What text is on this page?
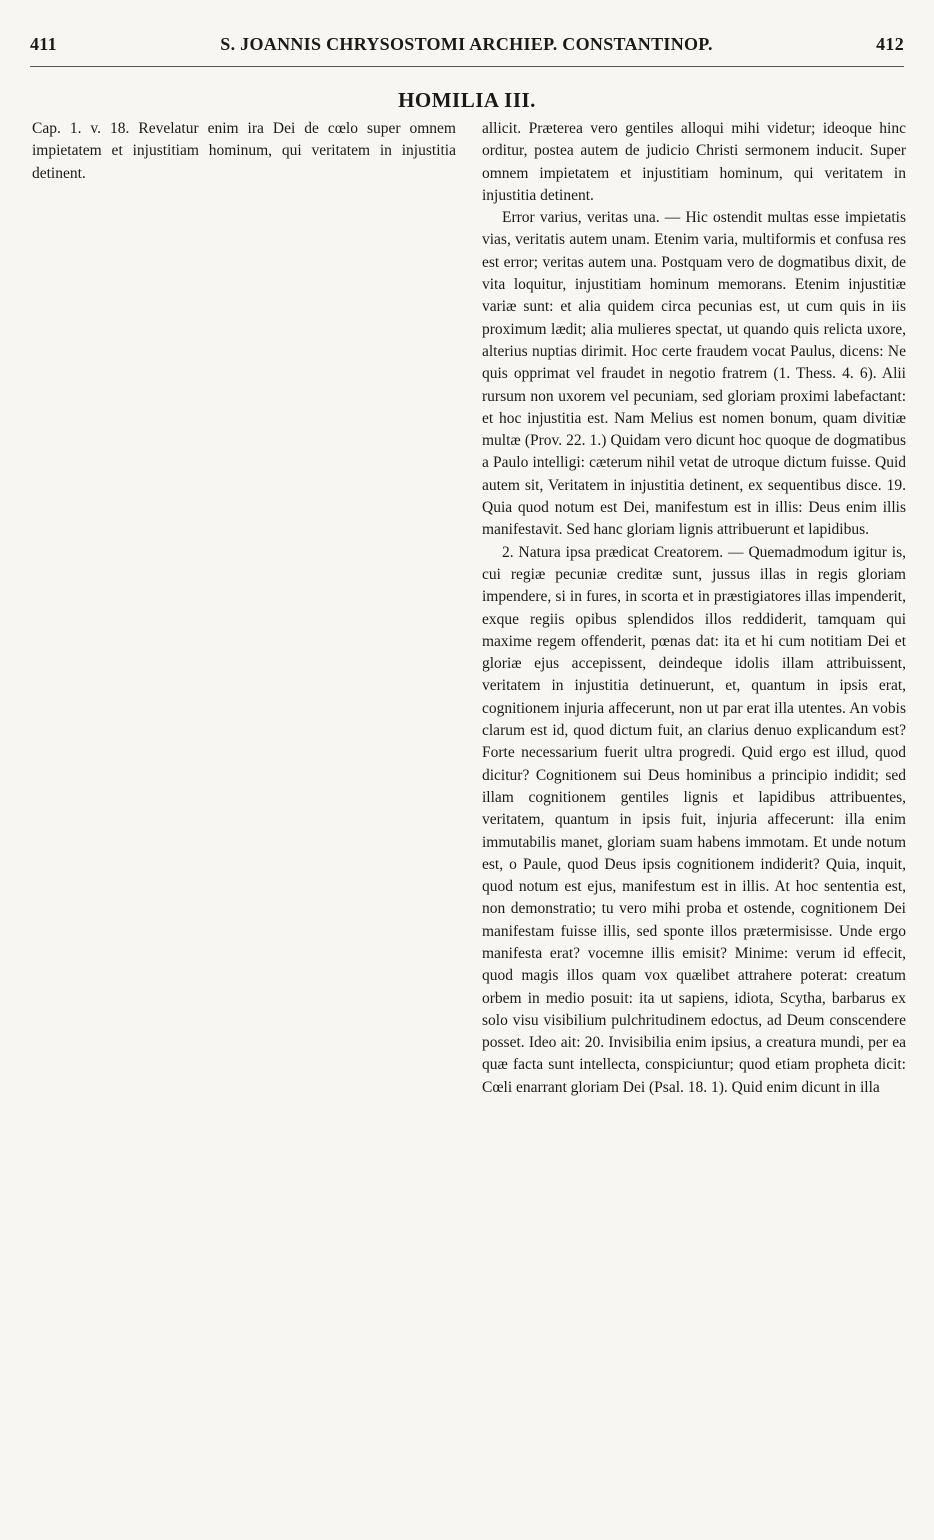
411	S. JOANNIS CHRYSOSTOMI ARCHIEP. CONSTANTINOP.	412
HOMILIA III.

Cap. 1. v. 18. Revelatur enim ira Dei de cœlo super omnem impietatem et injustitiam hominum, qui veritatem in injustitia detinent.

allicit. Præterea vero gentiles alloqui mihi videtur; ideoque hinc orditur, postea autem de judicio Christi sermonem inducit. Super omnem impietatem et injustitiam hominum, qui veritatem in injustitia detinent.

Error varius, veritas una. — Hic ostendit multas esse impietatis vias, veritatis autem unam. Etenim varia, multiformis et confusa res est error; veritas autem una. Postquam vero de dogmatibus dixit, de vita loquitur, injustitiam hominum memorans. Etenim injustitiæ variæ sunt: et alia quidem circa pecunias est, ut cum quis in iis proximum lædit; alia mulieres spectat, ut quando quis relicta uxore, alterius nuptias dirimit. Hoc certe fraudem vocat Paulus, dicens: Ne quis opprimat vel fraudet in negotio fratrem (1. Thess. 4. 6). Alii rursum non uxorem vel pecuniam, sed gloriam proximi labefactant: et hoc injustitia est. Nam Melius est nomen bonum, quam divitiæ multæ (Prov. 22. 1.) Quidam vero dicunt hoc quoque de dogmatibus a Paulo intelligi: cæterum nihil vetat de utroque dictum fuisse. Quid autem sit, Veritatem in injustitia detinent, ex sequentibus disce. 19. Quia quod notum est Dei, manifestum est in illis: Deus enim illis manifestavit. Sed hanc gloriam lignis attribuerunt et lapidibus.

2. Natura ipsa prædicat Creatorem. — Quemadmodum igitur is, cui regiæ pecuniæ creditæ sunt, jussus illas in regis gloriam impendere, si in fures, in scorta et in præstigiatores illas impenderit, exque regiis opibus splendidos illos reddiderit, tamquam qui maxime regem offenderit, pœnas dat: ita et hi cum notitiam Dei et gloriæ ejus accepissent, deindeque idolis illam attribuissent, veritatem in injustitia detinuerunt, et, quantum in ipsis erat, cognitionem injuria affecerunt, non ut par erat illa utentes. An vobis clarum est id, quod dictum fuit, an clarius denuo explicandum est? Forte necessarium fuerit ultra progredi. Quid ergo est illud, quod dicitur? Cognitionem sui Deus hominibus a principio indidit; sed illam cognitionem gentiles lignis et lapidibus attribuentes, veritatem, quantum in ipsis fuit, injuria affecerunt: illa enim immutabilis manet, gloriam suam habens immotam. Et unde notum est, o Paule, quod Deus ipsis cognitionem indiderit? Quia, inquit, quod notum est ejus, manifestum est in illis. At hoc sententia est, non demonstratio; tu vero mihi proba et ostende, cognitionem Dei manifestam fuisse illis, sed sponte illos prætermisisse. Unde ergo manifesta erat? vocemne illis emisit? Minime: verum id effecit, quod magis illos quam vox quælibet attrahere poterat: creatum orbem in medio posuit: ita ut sapiens, idiota, Scytha, barbarus ex solo visu visibilium pulchritudinem edoctus, ad Deum conscendere posset. Ideo ait: 20. Invisibilia enim ipsius, a creatura mundi, per ea quæ facta sunt intellecta, conspiciuntur; quod etiam propheta dicit: Cœli enarrant gloriam Dei (Psal. 18. 1). Quid enim dicunt in illa
